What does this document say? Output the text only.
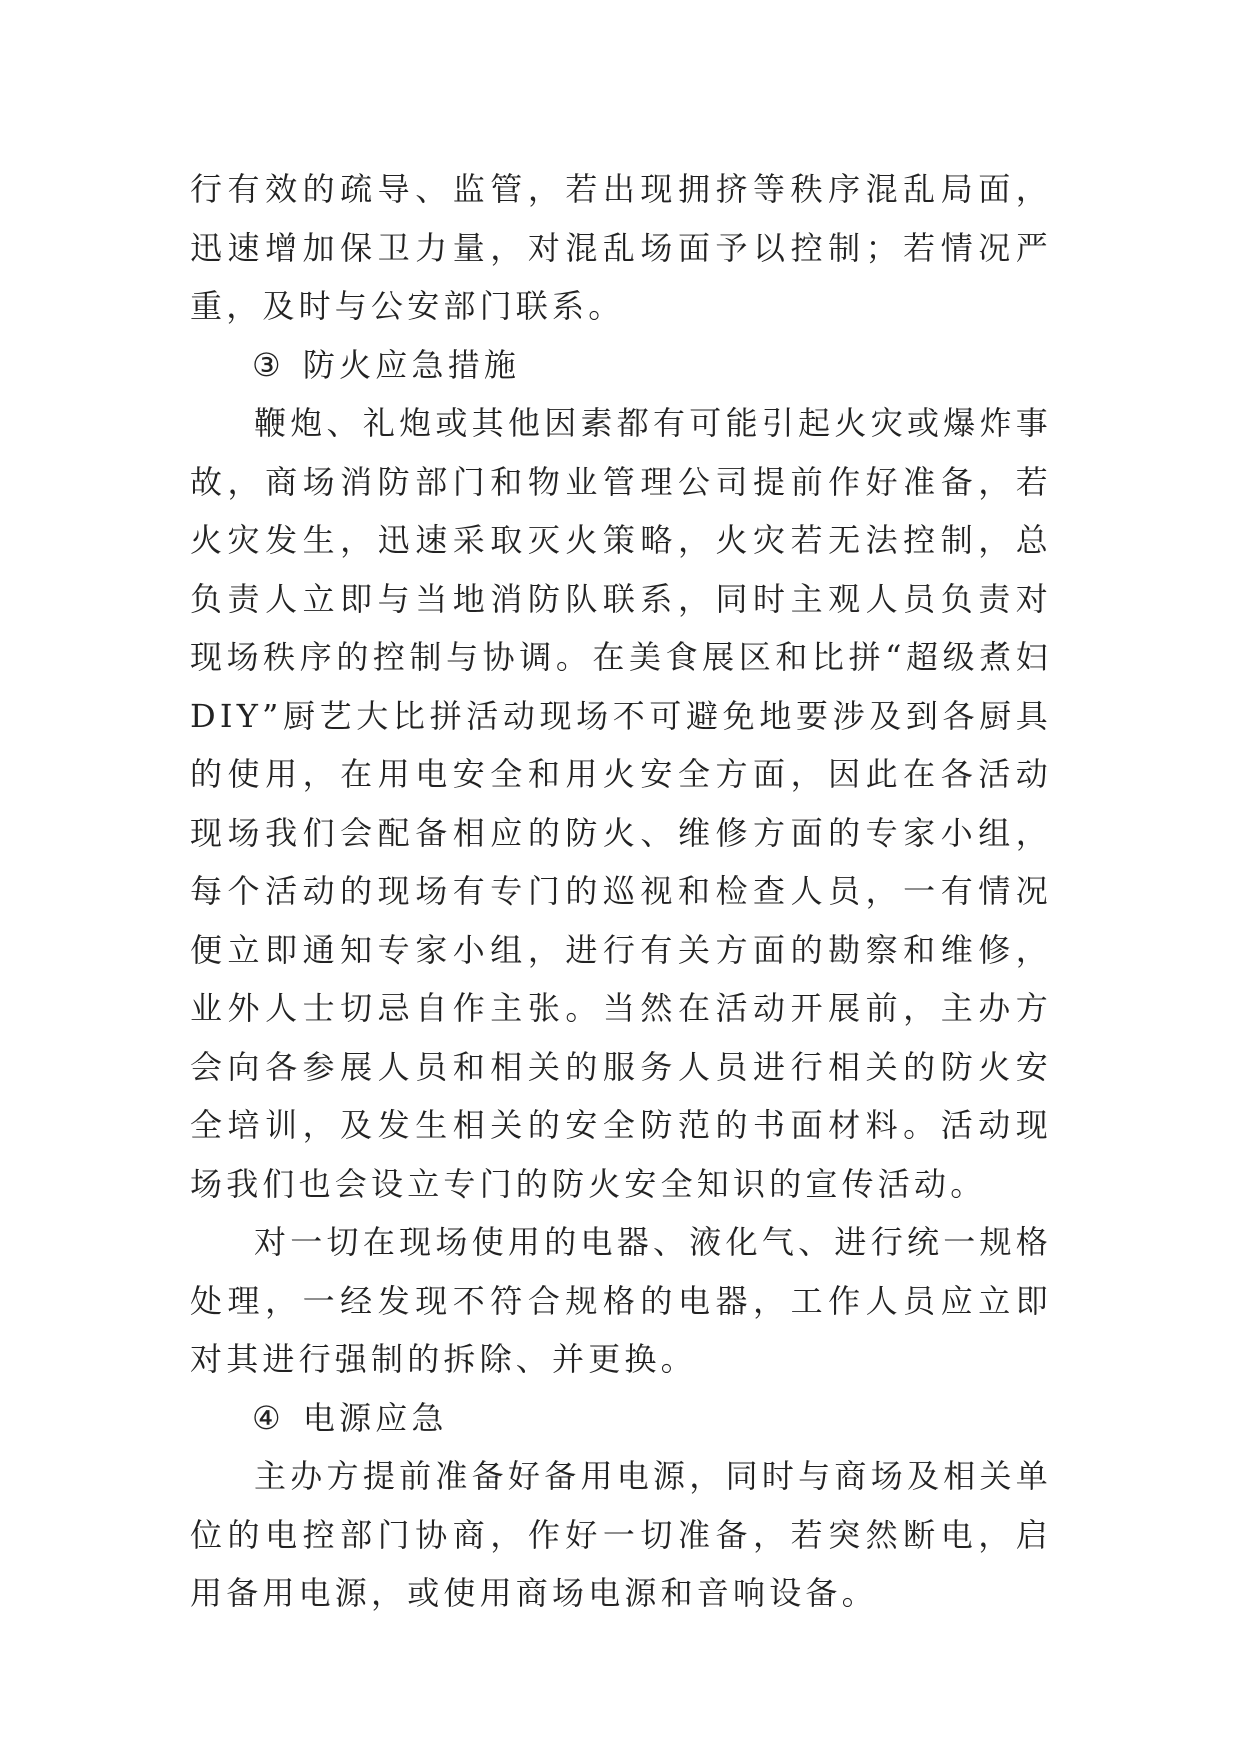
行有效的疏导、监管，若出现拥挤等秩序混乱局面，迅速增加保卫力量，对混乱场面予以控制；若情况严重，及时与公安部门联系。

③ 防火应急措施

鞭炮、礼炮或其他因素都有可能引起火灾或爆炸事故，商场消防部门和物业管理公司提前作好准备，若火灾发生，迅速采取灭火策略，火灾若无法控制，总负责人立即与当地消防队联系，同时主观人员负责对现场秩序的控制与协调。在美食展区和比拼“超级煮妇DIY”厨艺大比拼活动现场不可避免地要涉及到各厨具的使用，在用电安全和用火安全方面，因此在各活动现场我们会配备相应的防火、维修方面的专家小组，每个活动的现场有专门的巡视和检查人员，一有情况便立即通知专家小组，进行有关方面的勘察和维修，业外人士切忌自作主张。当然在活动开展前，主办方会向各参展人员和相关的服务人员进行相关的防火安全培训，及发生相关的安全防范的书面材料。活动现场我们也会设立专门的防火安全知识的宣传活动。

对一切在现场使用的电器、液化气、进行统一规格处理，一经发现不符合规格的电器，工作人员应立即对其进行强制的拆除、并更换。

④ 电源应急

主办方提前准备好备用电源，同时与商场及相关单位的电控部门协商，作好一切准备，若突然断电，启用备用电源，或使用商场电源和音响设备。
